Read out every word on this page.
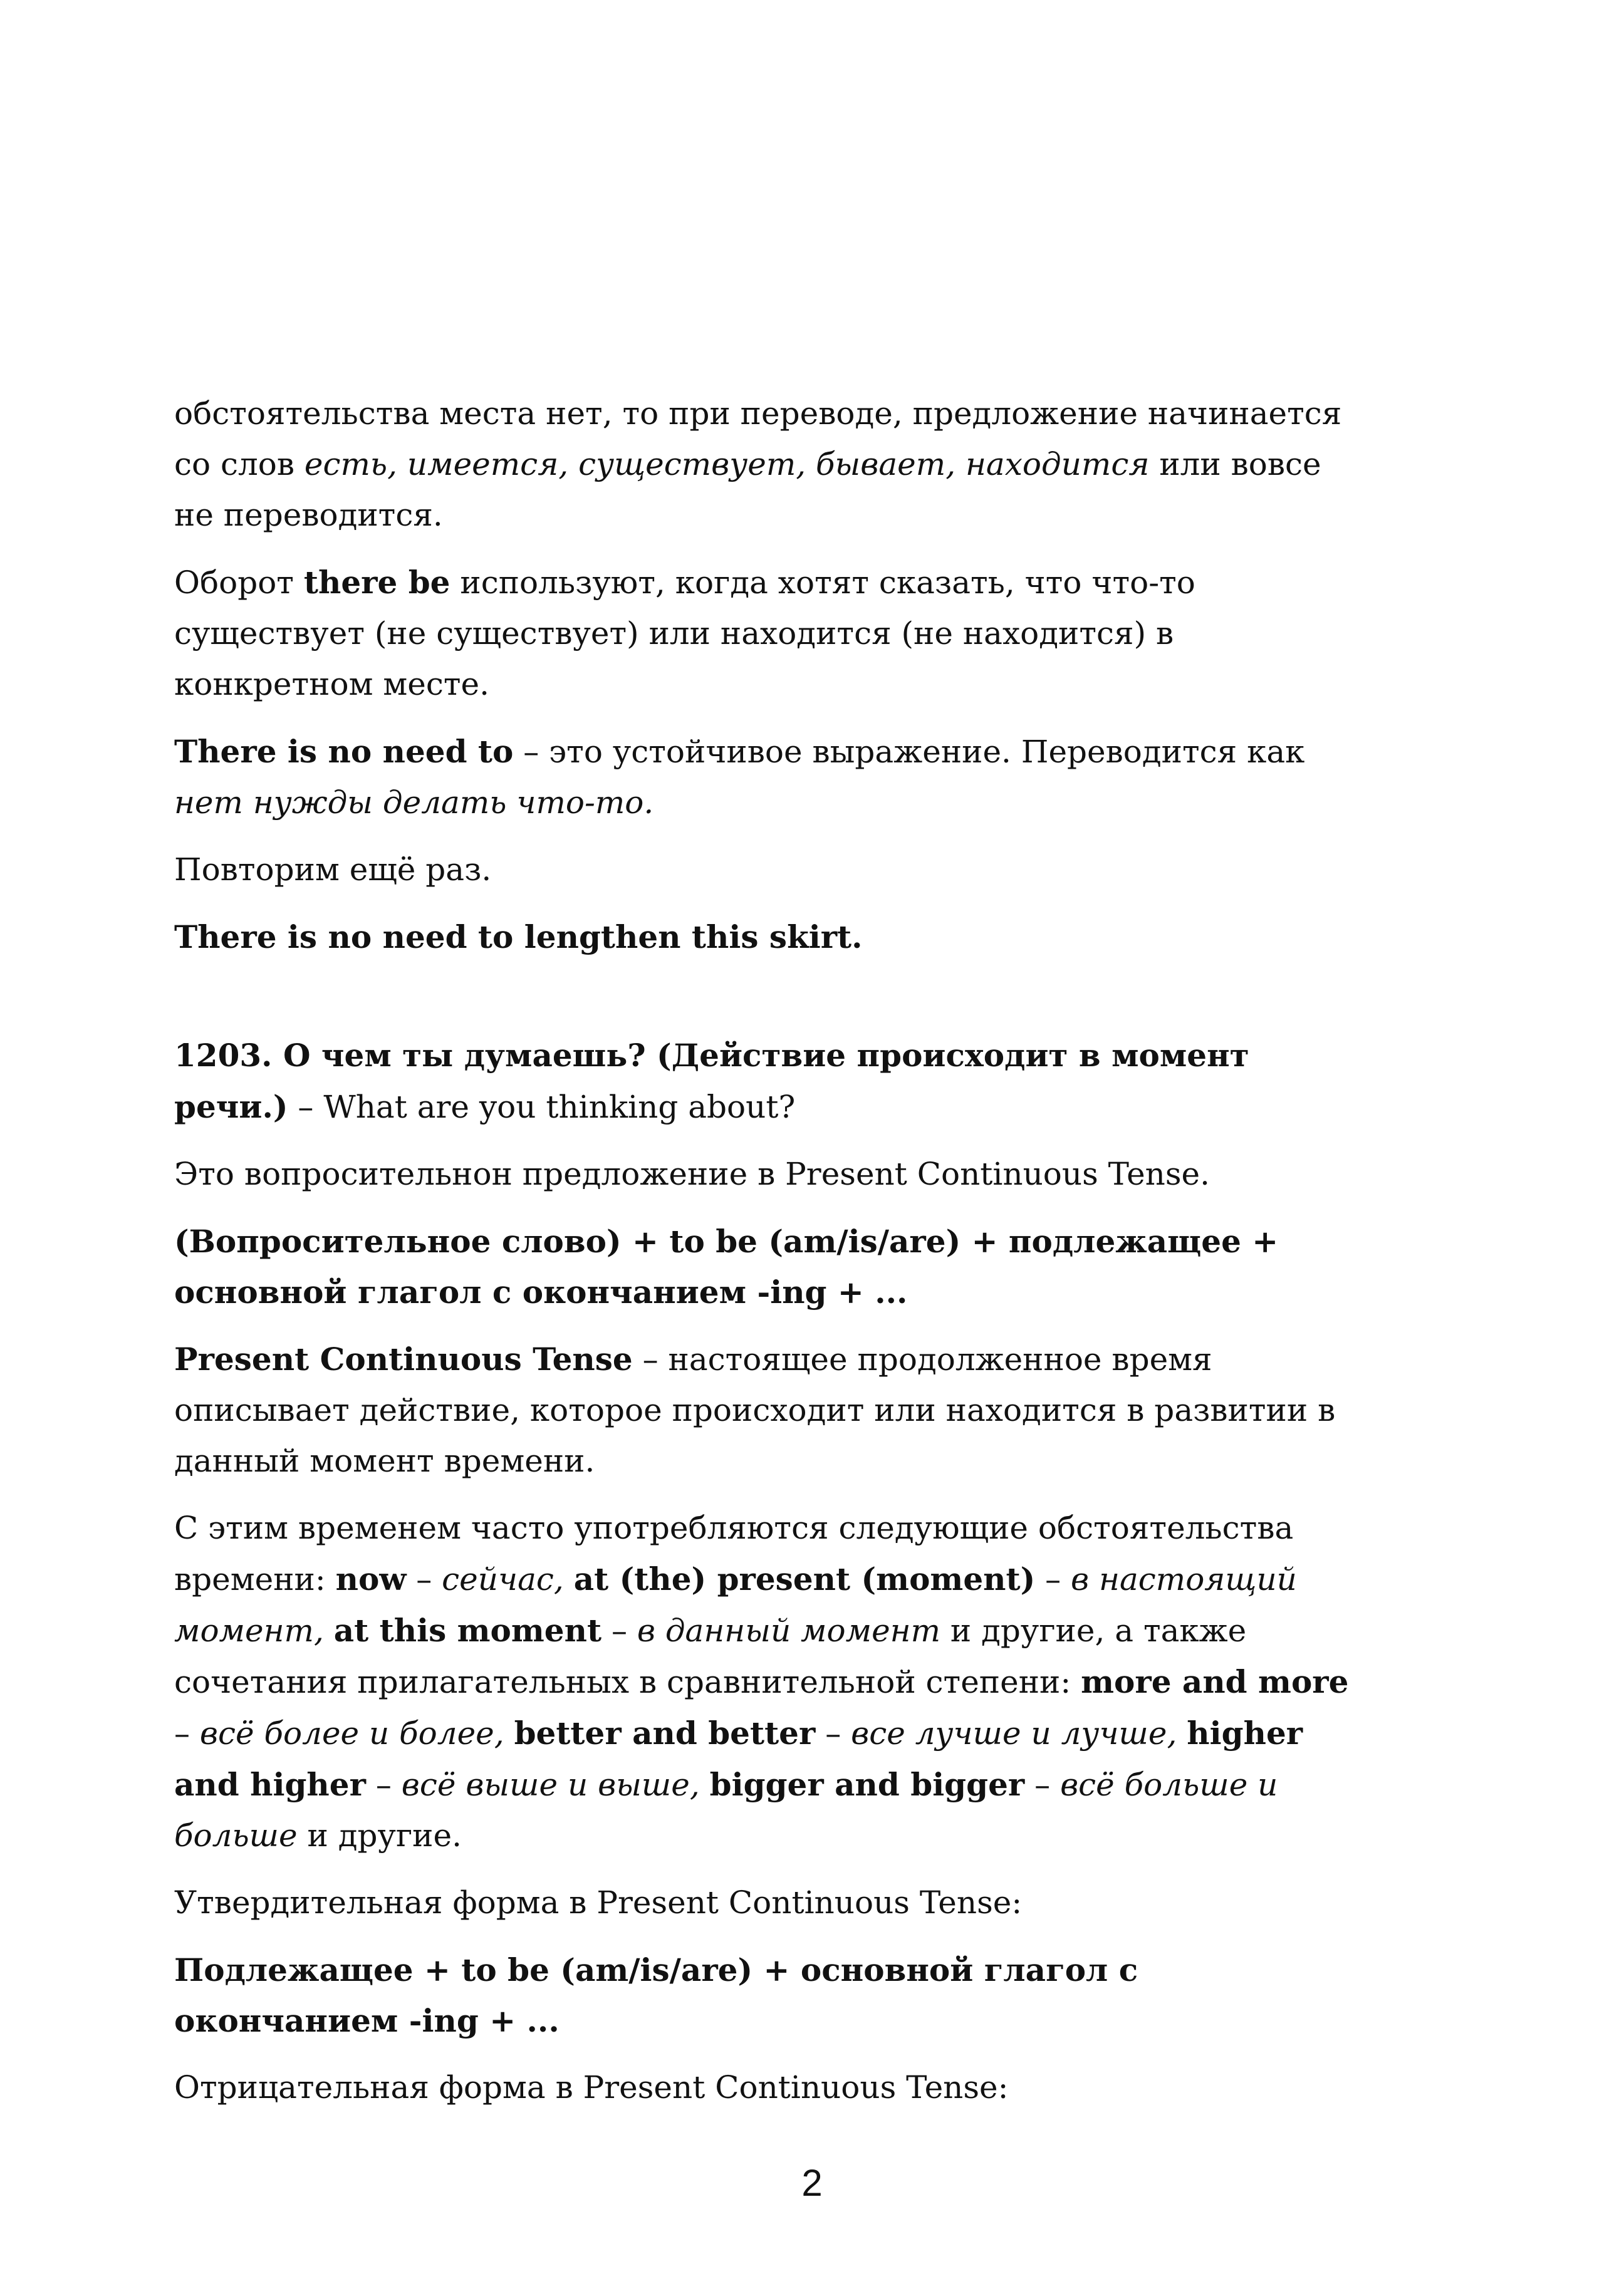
обстоятельства места нет, то при переводе, предложение начинается со слов есть, имеется, существует, бывает, находится или вовсе не переводится.

Оборот there be используют, когда хотят сказать, что что-то существует (не существует) или находится (не находится) в конкретном месте.

There is no need to – это устойчивое выражение. Переводится как нет нужды делать что-то.

Повторим ещё раз.

There is no need to lengthen this skirt.

1203. О чем ты думаешь? (Действие происходит в момент речи.) – What are you thinking about?

Это вопросительнон предложение в Present Continuous Tense.

(Вопросительное слово) + to be (am/is/are) + подлежащее + основной глагол с окончанием -ing + ...

Present Continuous Tense – настоящее продолженное время описывает действие, которое происходит или находится в развитии в данный момент времени.

С этим временем часто употребляются следующие обстоятельства времени: now – сейчас, at (the) present (moment) – в настоящий момент, at this moment – в данный момент и другие, а также сочетания прилагательных в сравнительной степени: more and more – всё более и более, better and better – все лучше и лучше, higher and higher – всё выше и выше, bigger and bigger – всё больше и больше и другие.

Утвердительная форма в Present Continuous Tense:

Подлежащее + to be (am/is/are) + основной глагол с окончанием -ing + ...

Отрицательная форма в Present Continuous Tense:

2
